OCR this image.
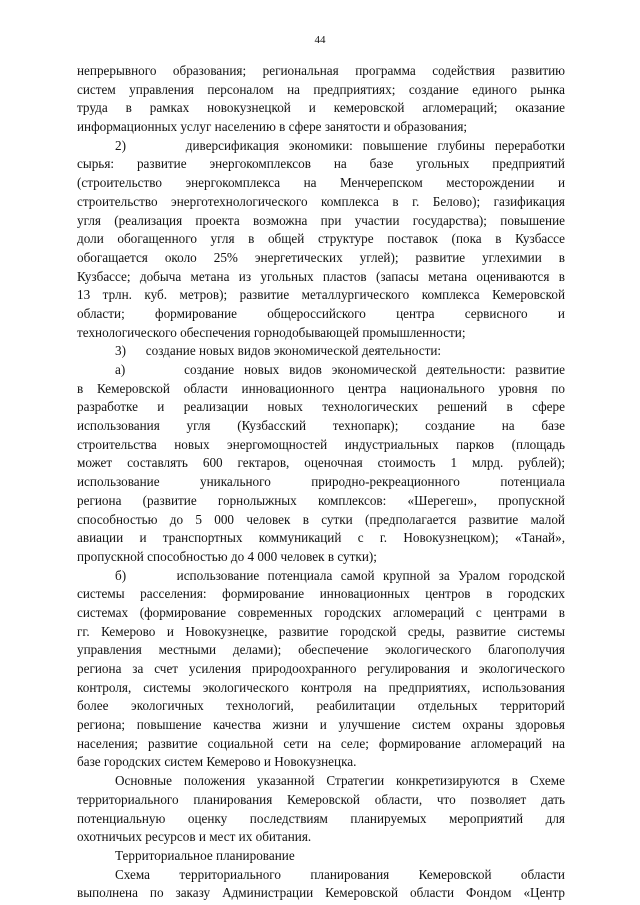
44
непрерывного образования; региональная программа содействия развитию
систем управления персоналом на предприятиях; создание единого рынка
труда в рамках новокузнецкой и кемеровской агломераций; оказание
информационных услуг населению в сфере занятости и образования;
2)      диверсификация экономики: повышение глубины переработки
сырья: развитие энергокомплексов на базе угольных предприятий
(строительство энергокомплекса на Менчерепском месторождении и
строительство энерготехнологического комплекса в г. Белово); газификация
угля (реализация проекта возможна при участии государства); повышение
доли обогащенного угля в общей структуре поставок (пока в Кузбассе
обогащается около 25% энергетических углей); развитие углехимии в
Кузбассе; добыча метана из угольных пластов (запасы метана оцениваются в
13 трлн. куб. метров); развитие металлургического комплекса Кемеровской
области; формирование общероссийского центра сервисного и
технологического обеспечения горнодобывающей промышленности;
3)      создание новых видов экономической деятельности:
а)      создание новых видов экономической деятельности: развитие
в Кемеровской области инновационного центра национального уровня по
разработке и реализации новых технологических решений в сфере
использования угля (Кузбасский технопарк); создание на базе
строительства новых энергомощностей индустриальных парков (площадь
может составлять 600 гектаров, оценочная стоимость 1 млрд. рублей);
использование уникального природно-рекреационного потенциала
региона (развитие горнолыжных комплексов: «Шерегеш», пропускной
способностью до 5 000 человек в сутки (предполагается развитие малой
авиации и транспортных коммуникаций с г. Новокузнецком); «Танай»,
пропускной способностью до 4 000 человек в сутки);
б)      использование потенциала самой крупной за Уралом городской
системы расселения: формирование инновационных центров в городских
системах (формирование современных городских агломераций с центрами в
гг. Кемерово и Новокузнецке, развитие городской среды, развитие системы
управления местными делами); обеспечение экологического благополучия
региона за счет усиления природоохранного регулирования и экологического
контроля, системы экологического контроля на предприятиях, использования
более экологичных технологий, реабилитации отдельных территорий
региона; повышение качества жизни и улучшение систем охраны здоровья
населения; развитие социальной сети на селе; формирование агломераций на
базе городских систем Кемерово и Новокузнецка.
Основные положения указанной Стратегии конкретизируются в Схеме
территориального планирования Кемеровской области, что позволяет дать
потенциальную оценку последствиям планируемых мероприятий для
охотничьих ресурсов и мест их обитания.
Территориальное планирование
Схема территориального планирования Кемеровской области
выполнена по заказу Администрации Кемеровской области Фондом «Центр
